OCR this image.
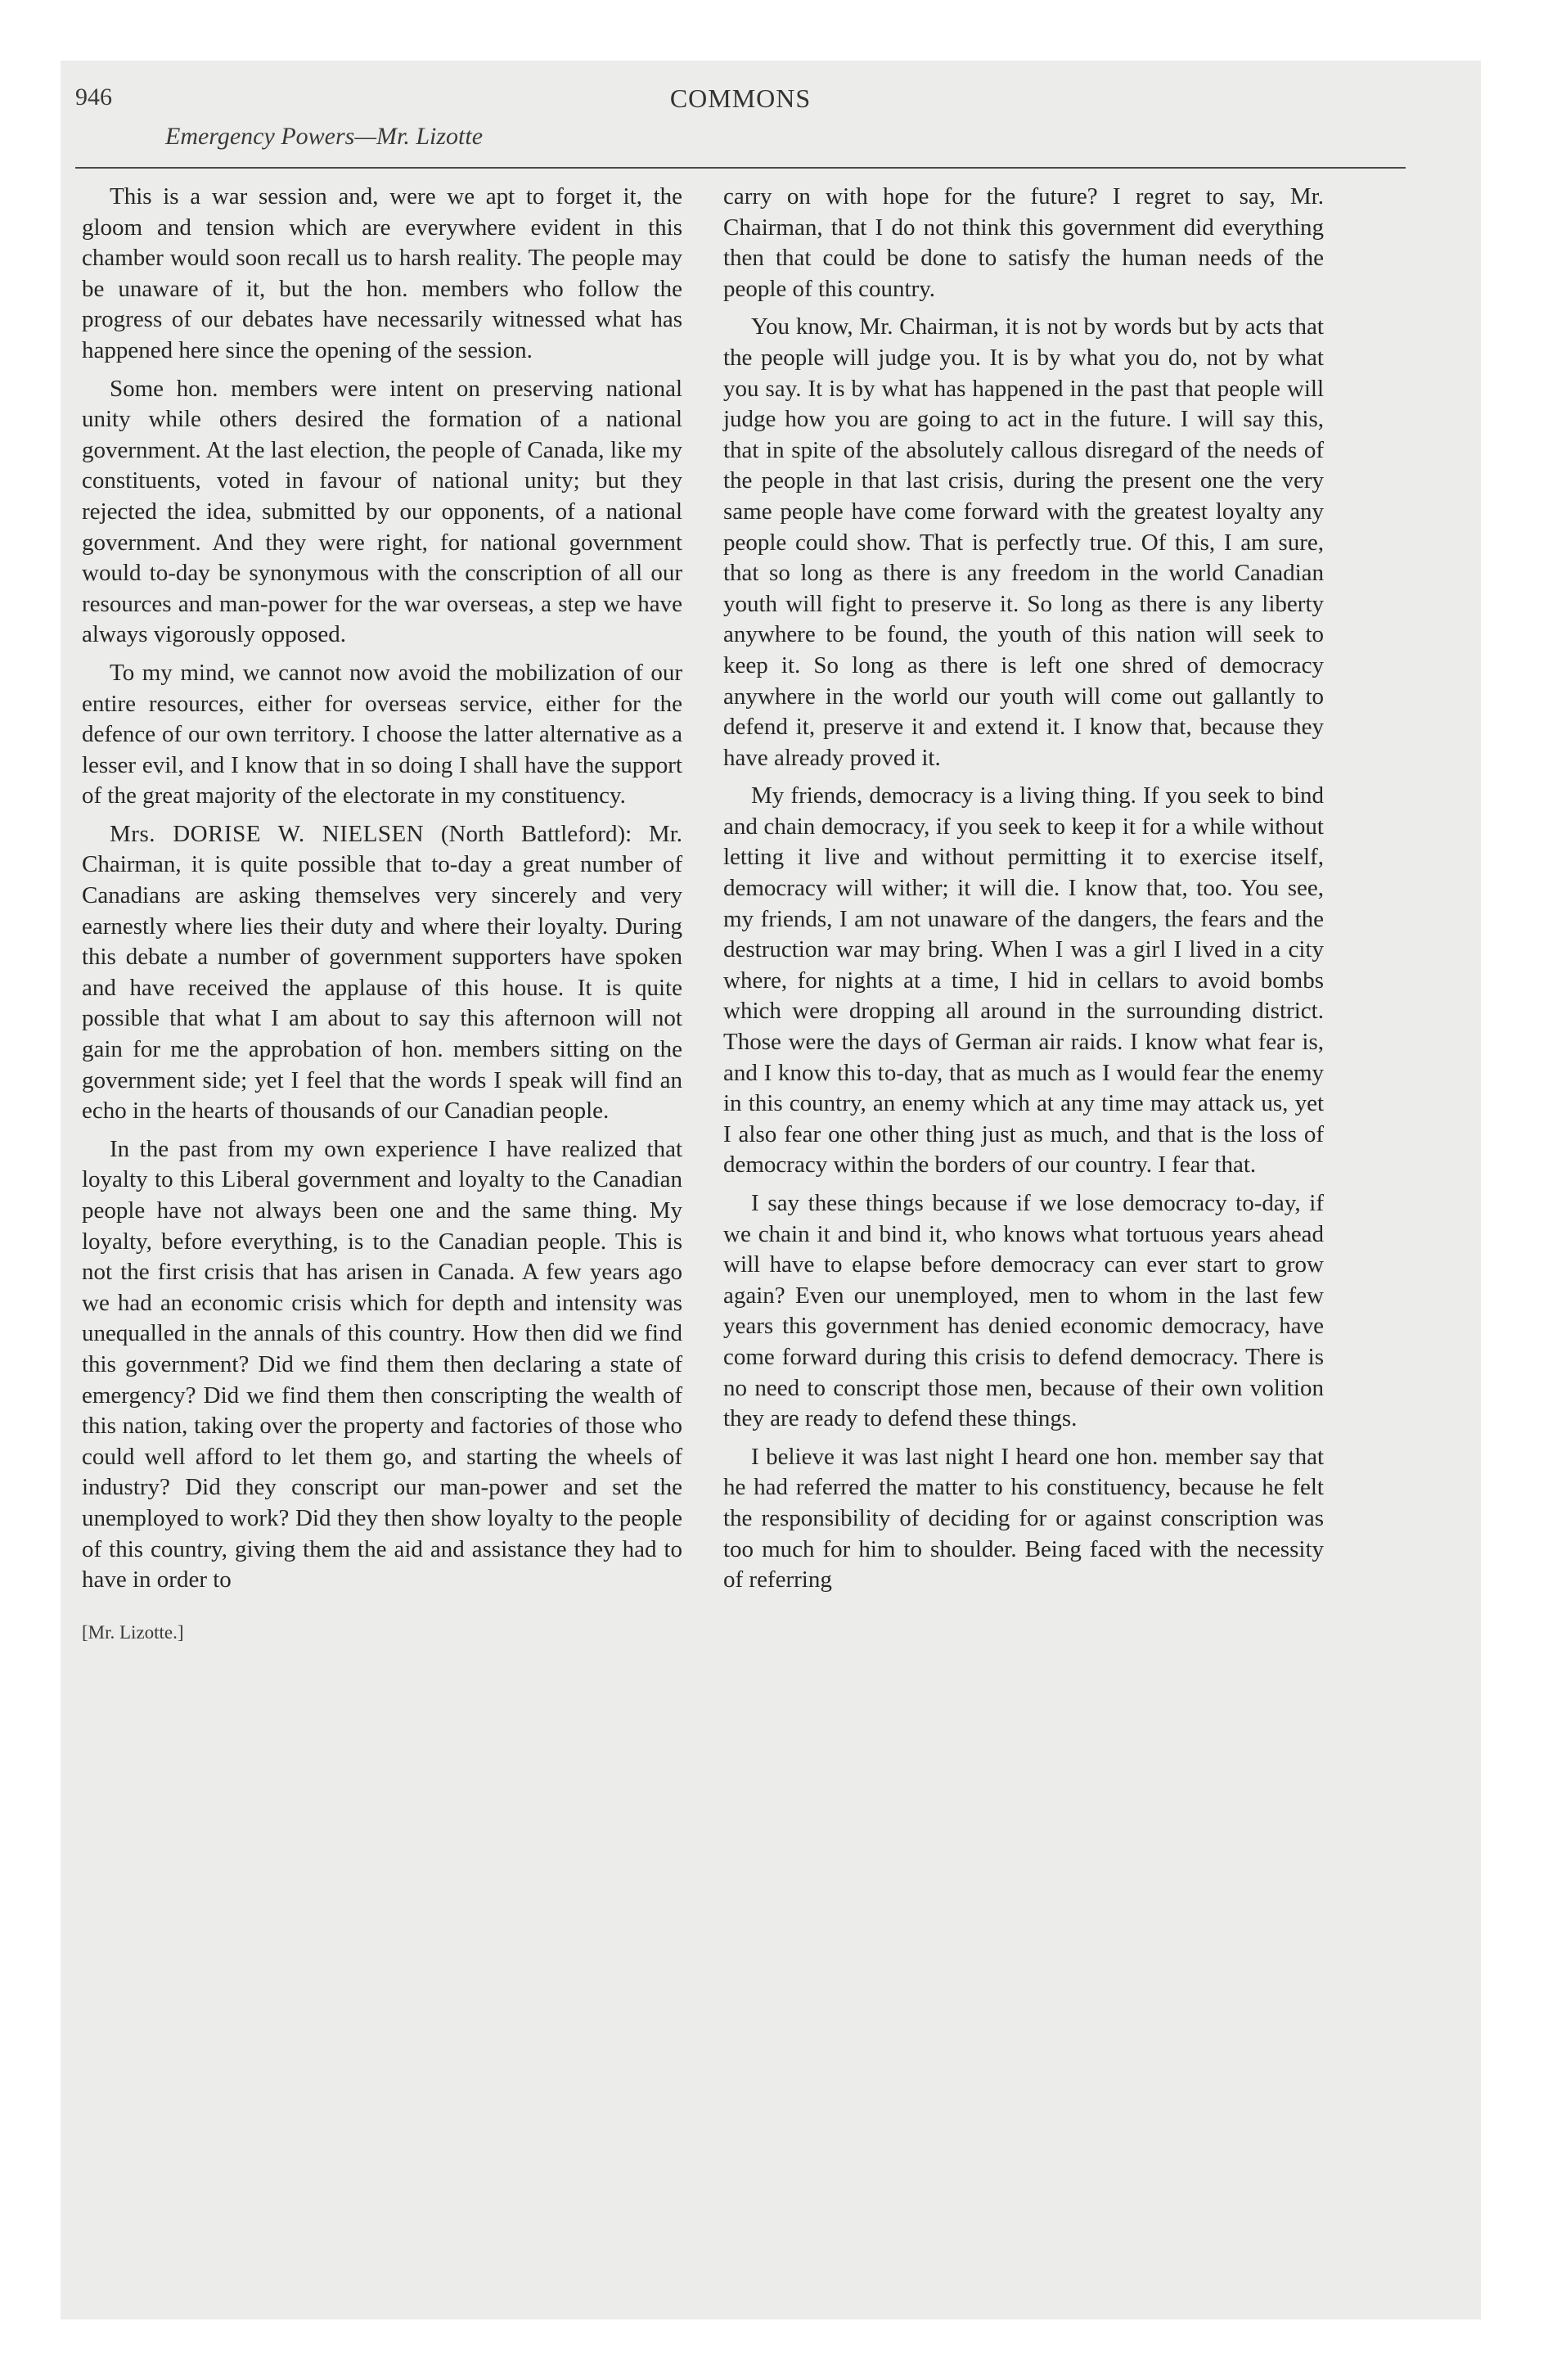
946	COMMONS
Emergency Powers—Mr. Lizotte

This is a war session and, were we apt to forget it, the gloom and tension which are everywhere evident in this chamber would soon recall us to harsh reality. The people may be unaware of it, but the hon. members who follow the progress of our debates have necessarily witnessed what has happened here since the opening of the session.

Some hon. members were intent on preserving national unity while others desired the formation of a national government. At the last election, the people of Canada, like my constituents, voted in favour of national unity; but they rejected the idea, submitted by our opponents, of a national government. And they were right, for national government would to-day be synonymous with the conscription of all our resources and man-power for the war overseas, a step we have always vigorously opposed.

To my mind, we cannot now avoid the mobilization of our entire resources, either for overseas service, either for the defence of our own territory. I choose the latter alternative as a lesser evil, and I know that in so doing I shall have the support of the great majority of the electorate in my constituency.

Mrs. DORISE W. NIELSEN (North Battleford): Mr. Chairman, it is quite possible that to-day a great number of Canadians are asking themselves very sincerely and very earnestly where lies their duty and where their loyalty. During this debate a number of government supporters have spoken and have received the applause of this house. It is quite possible that what I am about to say this afternoon will not gain for me the approbation of hon. members sitting on the government side; yet I feel that the words I speak will find an echo in the hearts of thousands of our Canadian people.

In the past from my own experience I have realized that loyalty to this Liberal government and loyalty to the Canadian people have not always been one and the same thing. My loyalty, before everything, is to the Canadian people. This is not the first crisis that has arisen in Canada. A few years ago we had an economic crisis which for depth and intensity was unequalled in the annals of this country. How then did we find this government? Did we find them then declaring a state of emergency? Did we find them then conscripting the wealth of this nation, taking over the property and factories of those who could well afford to let them go, and starting the wheels of industry? Did they conscript our man-power and set the unemployed to work? Did they then show loyalty to the people of this country, giving them the aid and assistance they had to have in order to

carry on with hope for the future? I regret to say, Mr. Chairman, that I do not think this government did everything then that could be done to satisfy the human needs of the people of this country.

You know, Mr. Chairman, it is not by words but by acts that the people will judge you. It is by what you do, not by what you say. It is by what has happened in the past that people will judge how you are going to act in the future. I will say this, that in spite of the absolutely callous disregard of the needs of the people in that last crisis, during the present one the very same people have come forward with the greatest loyalty any people could show. That is perfectly true. Of this, I am sure, that so long as there is any freedom in the world Canadian youth will fight to preserve it. So long as there is any liberty anywhere to be found, the youth of this nation will seek to keep it. So long as there is left one shred of democracy anywhere in the world our youth will come out gallantly to defend it, preserve it and extend it. I know that, because they have already proved it.

My friends, democracy is a living thing. If you seek to bind and chain democracy, if you seek to keep it for a while without letting it live and without permitting it to exercise itself, democracy will wither; it will die. I know that, too. You see, my friends, I am not unaware of the dangers, the fears and the destruction war may bring. When I was a girl I lived in a city where, for nights at a time, I hid in cellars to avoid bombs which were dropping all around in the surrounding district. Those were the days of German air raids. I know what fear is, and I know this to-day, that as much as I would fear the enemy in this country, an enemy which at any time may attack us, yet I also fear one other thing just as much, and that is the loss of democracy within the borders of our country. I fear that.

I say these things because if we lose democracy to-day, if we chain it and bind it, who knows what tortuous years ahead will have to elapse before democracy can ever start to grow again? Even our unemployed, men to whom in the last few years this government has denied economic democracy, have come forward during this crisis to defend democracy. There is no need to conscript those men, because of their own volition they are ready to defend these things.

I believe it was last night I heard one hon. member say that he had referred the matter to his constituency, because he felt the responsibility of deciding for or against conscription was too much for him to shoulder. Being faced with the necessity of referring

[Mr. Lizotte.]
